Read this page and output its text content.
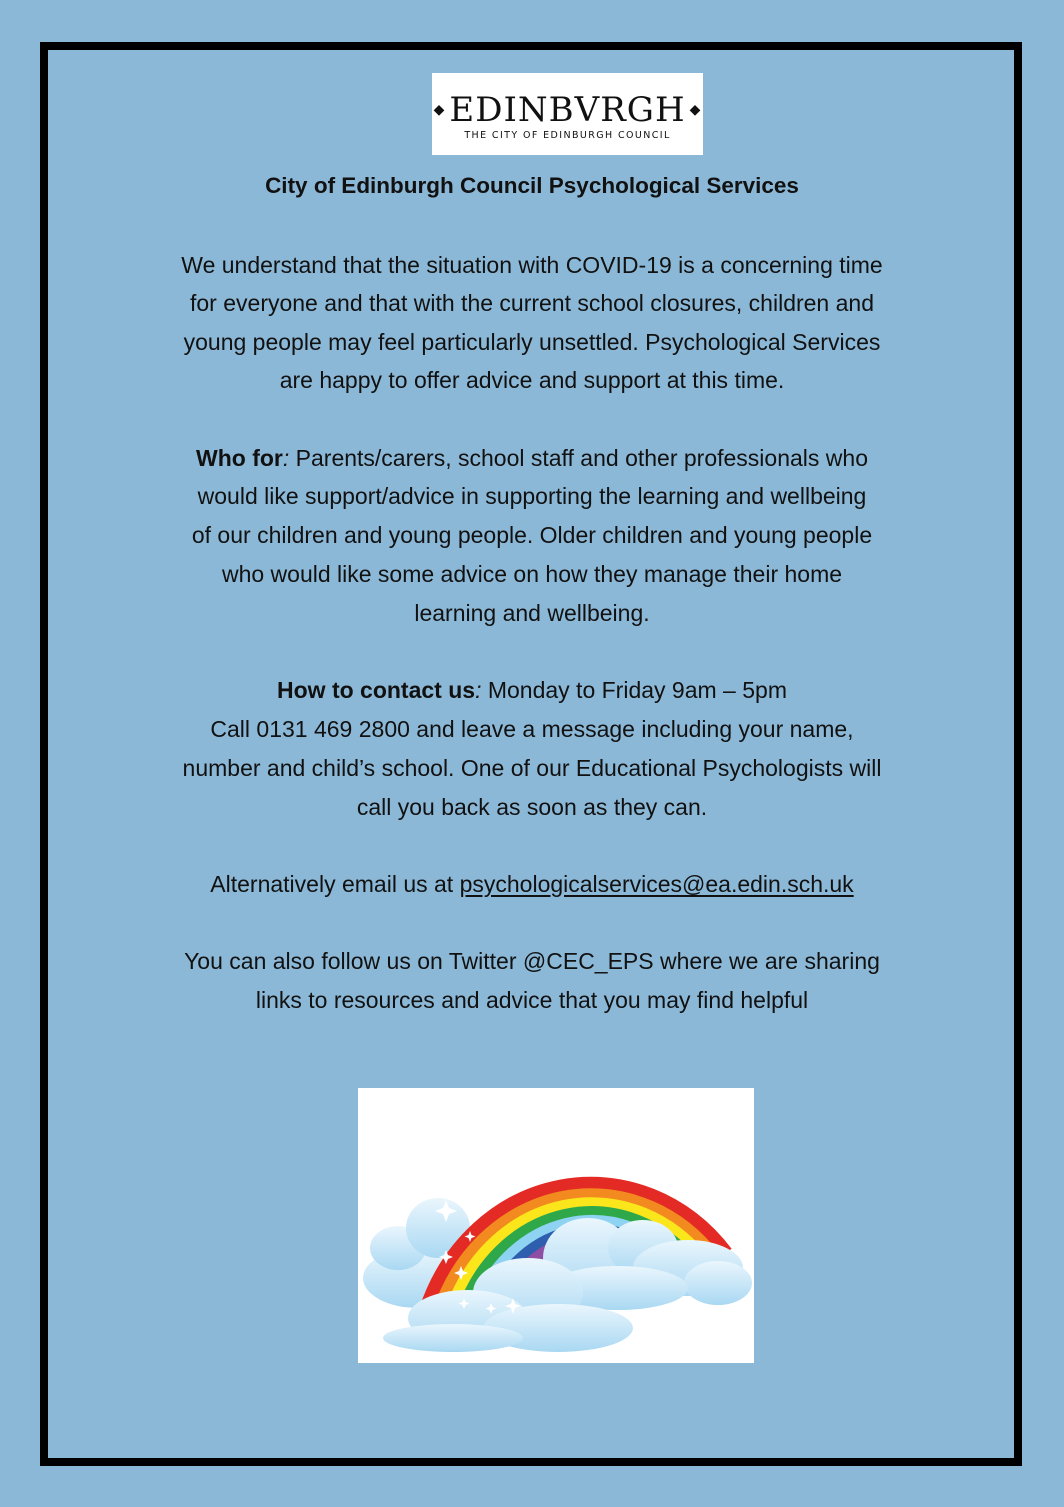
◆ EDINBVRGH ◆
THE CITY OF EDINBURGH COUNCIL
City of Edinburgh Council Psychological Services
We understand that the situation with COVID-19 is a concerning time
for everyone and that with the current school closures, children and
young people may feel particularly unsettled. Psychological Services
are happy to offer advice and support at this time.
Who for: Parents/carers, school staff and other professionals who
would like support/advice in supporting the learning and wellbeing
of our children and young people. Older children and young people
who would like some advice on how they manage their home
learning and wellbeing.
How to contact us: Monday to Friday 9am – 5pm
Call 0131 469 2800 and leave a message including your name,
number and child’s school. One of our Educational Psychologists will
call you back as soon as they can.
Alternatively email us at psychologicalservices@ea.edin.sch.uk
You can also follow us on Twitter @CEC_EPS where we are sharing
links to resources and advice that you may find helpful
